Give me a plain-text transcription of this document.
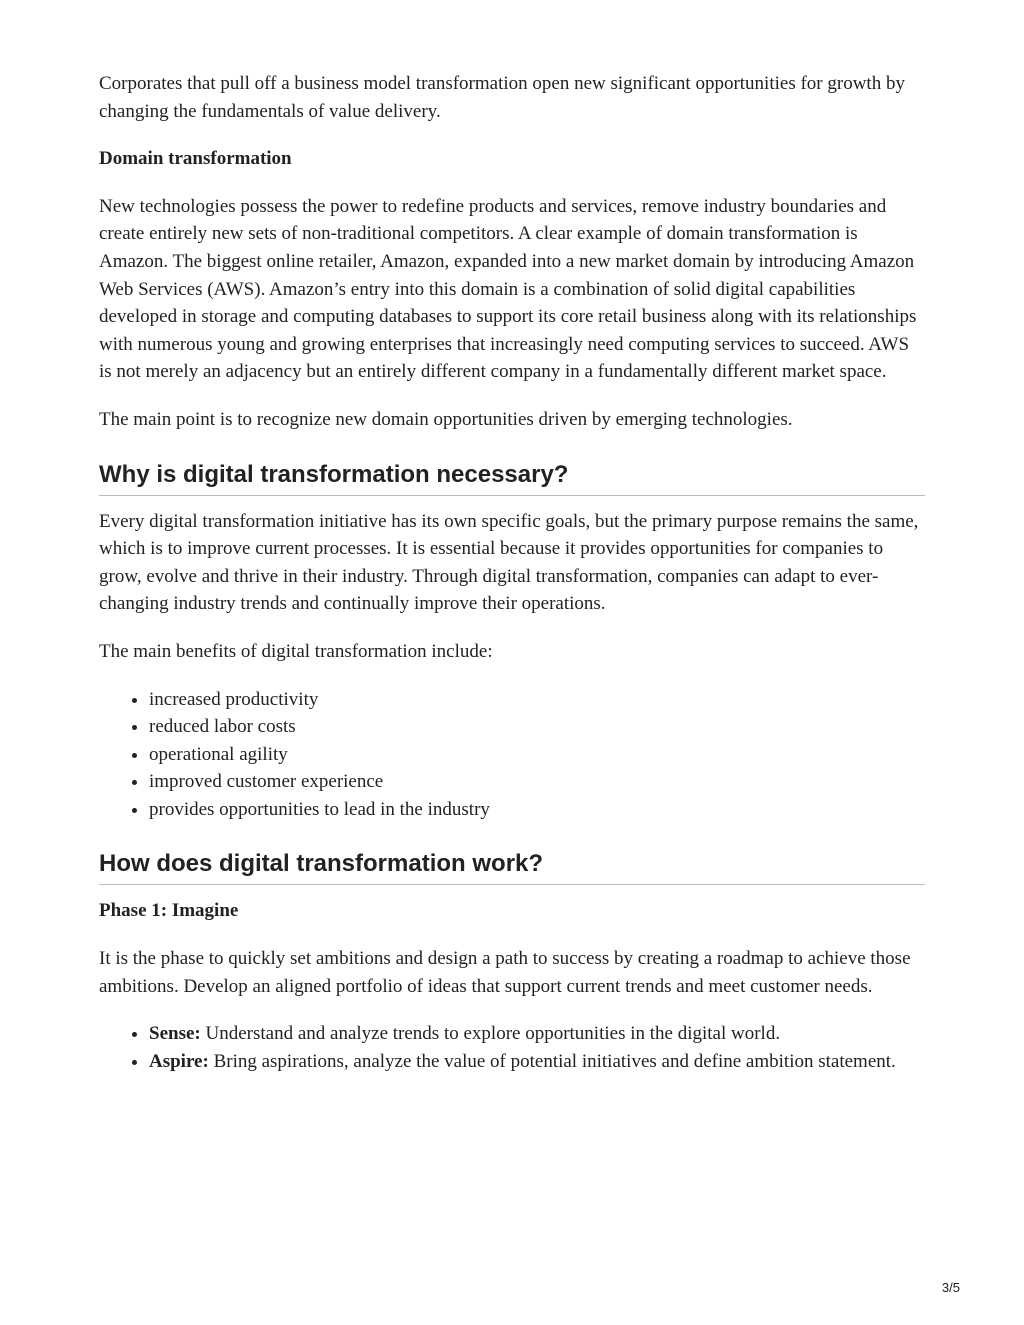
Corporates that pull off a business model transformation open new significant opportunities for growth by changing the fundamentals of value delivery.

Domain transformation

New technologies possess the power to redefine products and services, remove industry boundaries and create entirely new sets of non-traditional competitors. A clear example of domain transformation is Amazon. The biggest online retailer, Amazon, expanded into a new market domain by introducing Amazon Web Services (AWS). Amazon’s entry into this domain is a combination of solid digital capabilities developed in storage and computing databases to support its core retail business along with its relationships with numerous young and growing enterprises that increasingly need computing services to succeed. AWS is not merely an adjacency but an entirely different company in a fundamentally different market space.

The main point is to recognize new domain opportunities driven by emerging technologies.

Why is digital transformation necessary?

Every digital transformation initiative has its own specific goals, but the primary purpose remains the same, which is to improve current processes. It is essential because it provides opportunities for companies to grow, evolve and thrive in their industry. Through digital transformation, companies can adapt to ever-changing industry trends and continually improve their operations.

The main benefits of digital transformation include:

• increased productivity
• reduced labor costs
• operational agility
• improved customer experience
• provides opportunities to lead in the industry
How does digital transformation work?

Phase 1: Imagine

It is the phase to quickly set ambitions and design a path to success by creating a roadmap to achieve those ambitions. Develop an aligned portfolio of ideas that support current trends and meet customer needs.

• Sense: Understand and analyze trends to explore opportunities in the digital world.
• Aspire: Bring aspirations, analyze the value of potential initiatives and define ambition statement.
3/5
